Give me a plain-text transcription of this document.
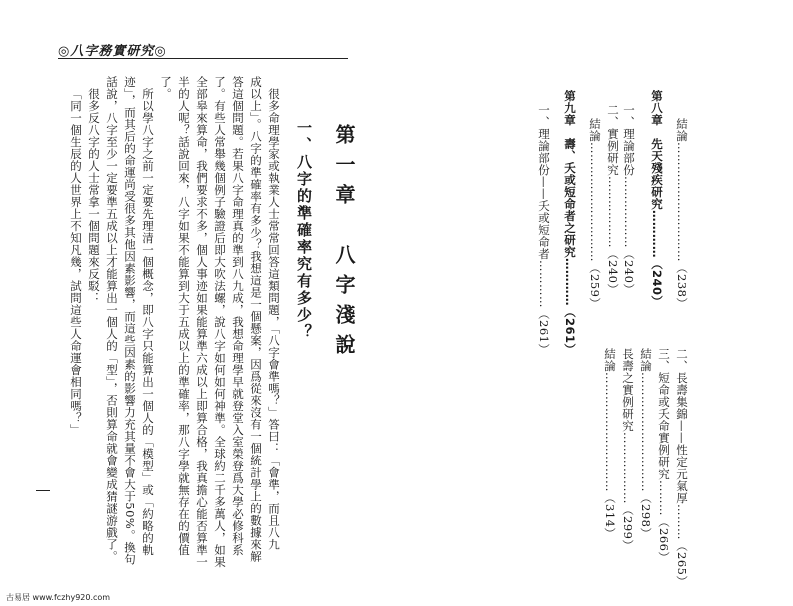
◎八字務實研究◎
結論…………………………（238）
第八章　先天殘疾研究…………（240）
一、理論部份………………（240）
二、實例研究………………（240）
結論…………………………（259）
第九章　壽、夭或短命者之研究…………（261）
一、理論部份——夭或短命者…………（261）
二、長壽集錦——性定元氣厚………（265）
三、短命或夭命實例研究………（266）
結論…………………………（298）
長壽之實例研究………………（299）
結論…………………………（314）
第一章　八字淺說
一、八字的準確率究有多少？
很多命理學家或執業人士常常回答這類問題，「八字會準嗎？」答曰：「會準，而且八九
成以上」。八字的準確率有多少？我想這是一個懸案，因爲從來沒有一個統計學上的數據來解
答這個問題。若果八字命理真的準到八九成，我想命理學早就登堂入室榮登爲大學必修科系
了。有些人常舉幾個例子驗證后即大吹法螺，說八字如何如何神準。全球約二千多萬人，如果
全部皋來算命，我們要求不多，個人事迹如果能算準六成以上即算合格，我真擔心能否算準一
半的人呢？話說回來，八字如果不能算到大于五成以上的準確率，那八字學就無存在的價值
了。
所以學八字之前一定要先理清一個概念，即八字只能算出一個人的「模型」或「約略的軌
迹」，而其后的命運尚受很多其他因素影響，而這些因素的影響力充其量不會大于50%。換句
話說，八字至少一定要準五成以上才能算出一個人的「型」，否則算命就會變成猜謎游戲了。
很多反八字的人士常拿一個問題來反駁：
「同一個生辰的人世界上不知凡幾，試問這些人命運會相同嗎？」
古易居 www.fczhy920.com
